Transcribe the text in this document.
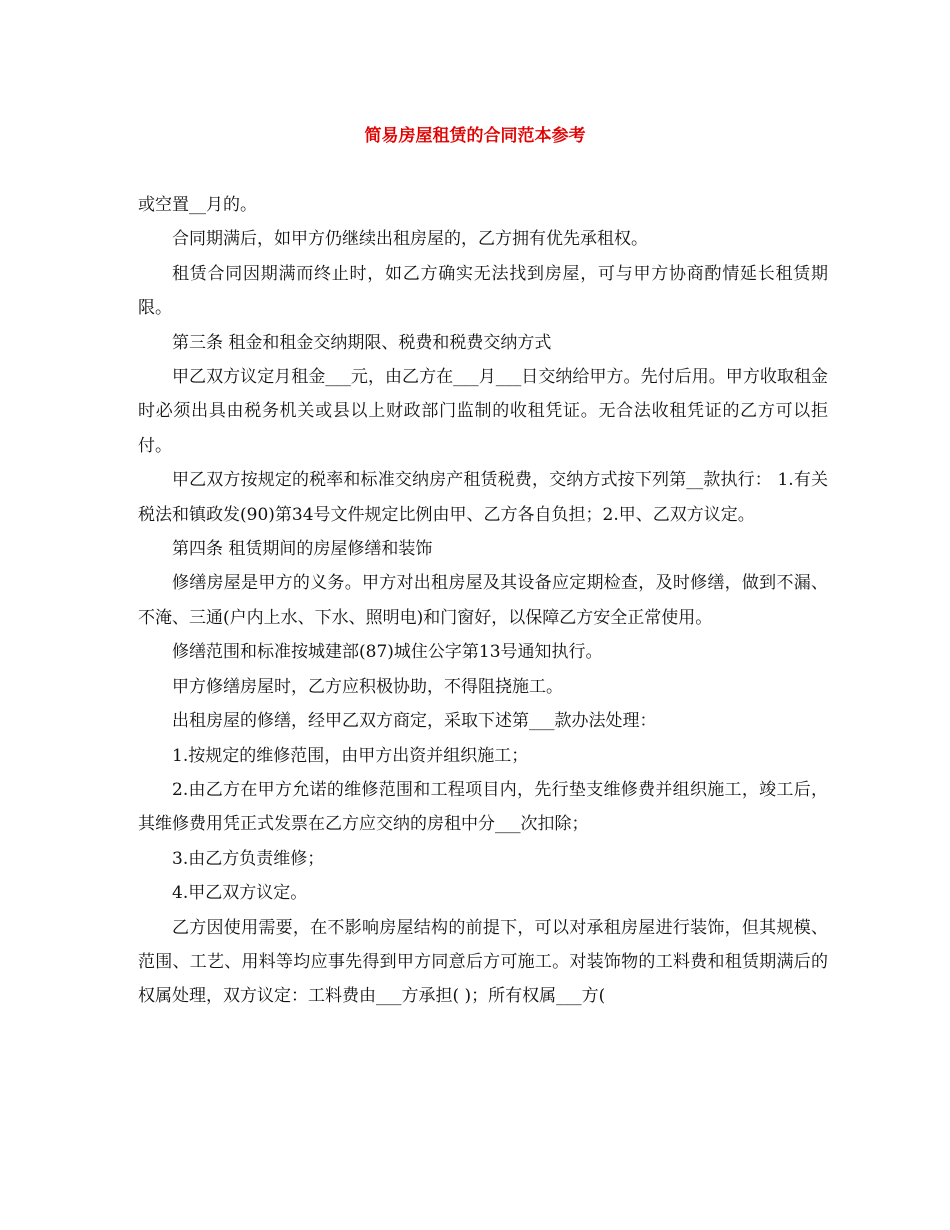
简易房屋租赁的合同范本参考

或空置__月的。

合同期满后，如甲方仍继续出租房屋的，乙方拥有优先承租权。

租赁合同因期满而终止时，如乙方确实无法找到房屋，可与甲方协商酌情延长租赁期限。

第三条 租金和租金交纳期限、税费和税费交纳方式

甲乙双方议定月租金___元，由乙方在___月___日交纳给甲方。先付后用。甲方收取租金时必须出具由税务机关或县以上财政部门监制的收租凭证。无合法收租凭证的乙方可以拒付。

甲乙双方按规定的税率和标准交纳房产租赁税费，交纳方式按下列第__款执行： 1.有关税法和镇政发(90)第34号文件规定比例由甲、乙方各自负担；2.甲、乙双方议定。

第四条 租赁期间的房屋修缮和装饰

修缮房屋是甲方的义务。甲方对出租房屋及其设备应定期检查，及时修缮，做到不漏、不淹、三通(户内上水、下水、照明电)和门窗好，以保障乙方安全正常使用。

修缮范围和标准按城建部(87)城住公字第13号通知执行。

甲方修缮房屋时，乙方应积极协助，不得阻挠施工。

出租房屋的修缮，经甲乙双方商定，采取下述第___款办法处理：

1.按规定的维修范围，由甲方出资并组织施工；

2.由乙方在甲方允诺的维修范围和工程项目内，先行垫支维修费并组织施工，竣工后，其维修费用凭正式发票在乙方应交纳的房租中分___次扣除；

3.由乙方负责维修；

4.甲乙双方议定。

乙方因使用需要，在不影响房屋结构的前提下，可以对承租房屋进行装饰，但其规模、范围、工艺、用料等均应事先得到甲方同意后方可施工。对装饰物的工料费和租赁期满后的权属处理，双方议定：工料费由___方承担( )；所有权属___方(
